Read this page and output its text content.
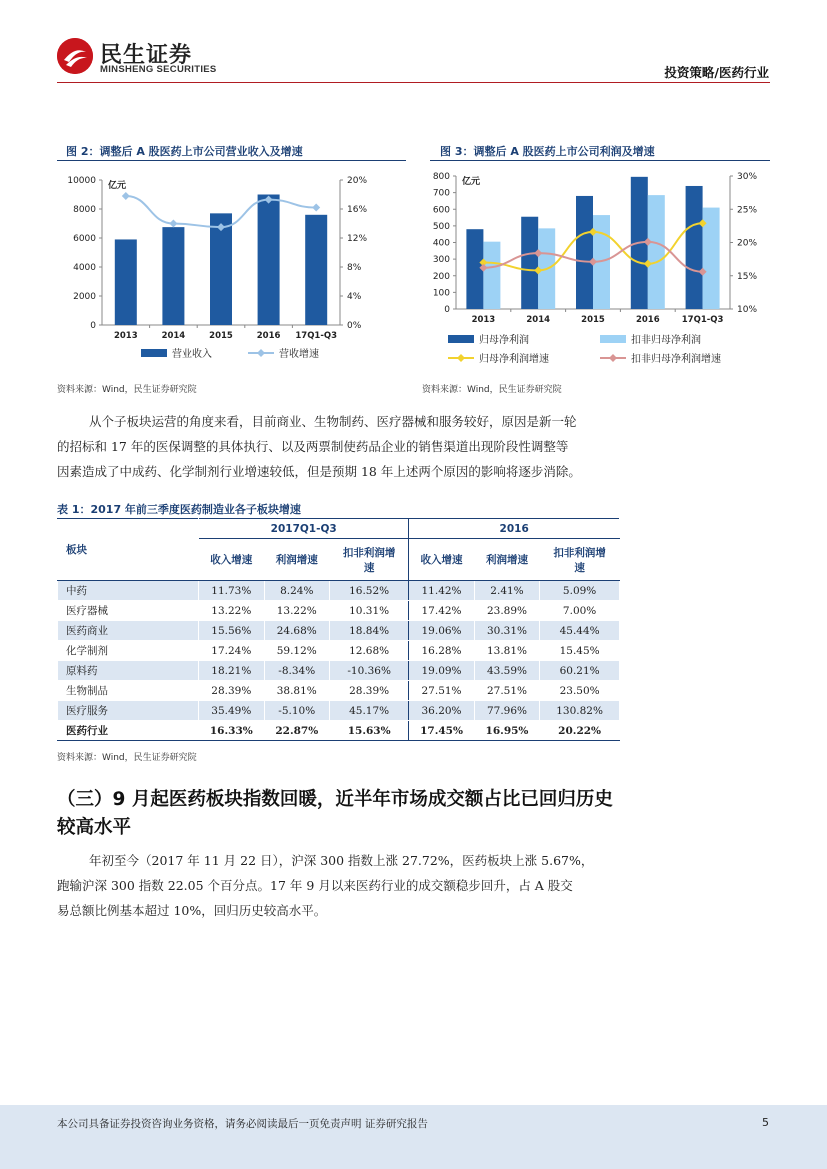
民生证券
MINSHENG SECURITIES	投资策略/医药行业
图 2：调整后 A 股医药上市公司营业收入及增速
0
2000
4000
6000
8000
10000
0%
4%
8%
12%
16%
20%
亿元
2013	2014	2015	2016 17Q1-Q3
营业收入	营收增速
资料来源：Wind，民生证券研究院
图 3：调整后 A 股医药上市公司利润及增速
0
100
200
300
400
500
600
700
800
10%
15%
20%
25%
30%
亿元
2013	2014	2015	2016	17Q1-Q3
归母净利润	扣非归母净利润
归母净利润增速	扣非归母净利润增速
资料来源：Wind，民生证券研究院
从个子板块运营的角度来看，目前商业、生物制药、医疗器械和服务较好，原因是新一轮
的招标和 17 年的医保调整的具体执行、以及两票制使药品企业的销售渠道出现阶段性调整等
因素造成了中成药、化学制剂行业增速较低，但是预期 18 年上述两个原因的影响将逐步消除。
表 1：2017 年前三季度医药制造业各子板块增速
板块	2017Q1-Q3			2016		
	收入增速	利润增速	扣非利润增速	收入增速	利润增速	扣非利润增速
中药	11.73%	8.24%	16.52%	11.42%	2.41%	5.09%
医疗器械	13.22%	13.22%	10.31%	17.42%	23.89%	7.00%
医药商业	15.56%	24.68%	18.84%	19.06%	30.31%	45.44%
化学制剂	17.24%	59.12%	12.68%	16.28%	13.81%	15.45%
原料药	18.21%	-8.34%	-10.36%	19.09%	43.59%	60.21%
生物制品	28.39%	38.81%	28.39%	27.51%	27.51%	23.50%
医疗服务	35.49%	-5.10%	45.17%	36.20%	77.96%	130.82%
医药行业	16.33%	22.87%	15.63%	17.45%	16.95%	20.22%
资料来源：Wind，民生证券研究院
（三）9 月起医药板块指数回暖，近半年市场成交额占比已回归历史较高水平
年初至今（2017 年 11 月 22 日），沪深 300 指数上涨 27.72%，医药板块上涨 5.67%，
跑输沪深 300 指数 22.05 个百分点。17 年 9 月以来医药行业的成交额稳步回升，占 A 股交
易总额比例基本超过 10%，回归历史较高水平。
本公司具备证券投资咨询业务资格，请务必阅读最后一页免责声明 证券研究报告	5
